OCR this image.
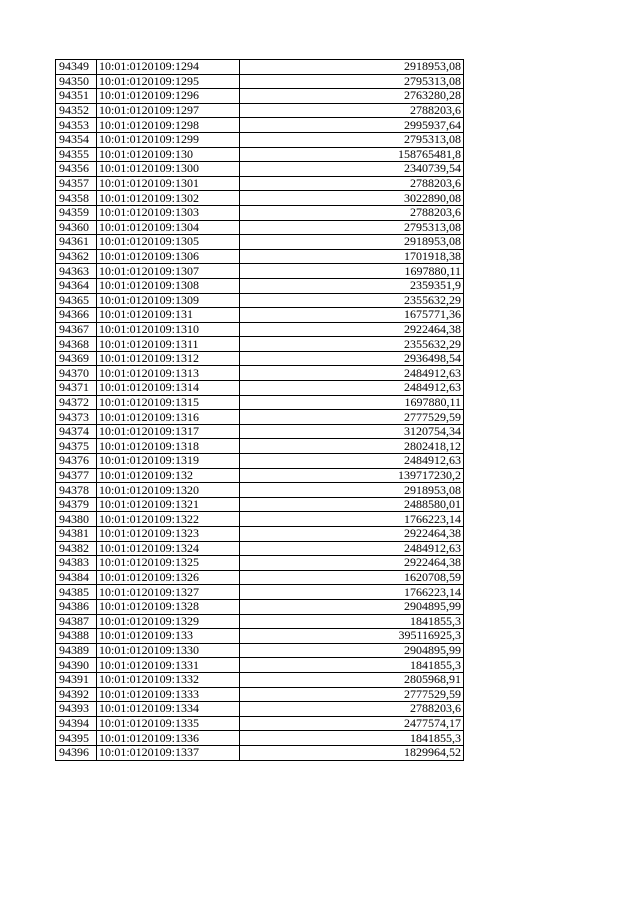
94349	10:01:0120109:1294	2918953,08
94350	10:01:0120109:1295	2795313,08
94351	10:01:0120109:1296	2763280,28
94352	10:01:0120109:1297	2788203,6
94353	10:01:0120109:1298	2995937,64
94354	10:01:0120109:1299	2795313,08
94355	10:01:0120109:130	158765481,8
94356	10:01:0120109:1300	2340739,54
94357	10:01:0120109:1301	2788203,6
94358	10:01:0120109:1302	3022890,08
94359	10:01:0120109:1303	2788203,6
94360	10:01:0120109:1304	2795313,08
94361	10:01:0120109:1305	2918953,08
94362	10:01:0120109:1306	1701918,38
94363	10:01:0120109:1307	1697880,11
94364	10:01:0120109:1308	2359351,9
94365	10:01:0120109:1309	2355632,29
94366	10:01:0120109:131	1675771,36
94367	10:01:0120109:1310	2922464,38
94368	10:01:0120109:1311	2355632,29
94369	10:01:0120109:1312	2936498,54
94370	10:01:0120109:1313	2484912,63
94371	10:01:0120109:1314	2484912,63
94372	10:01:0120109:1315	1697880,11
94373	10:01:0120109:1316	2777529,59
94374	10:01:0120109:1317	3120754,34
94375	10:01:0120109:1318	2802418,12
94376	10:01:0120109:1319	2484912,63
94377	10:01:0120109:132	139717230,2
94378	10:01:0120109:1320	2918953,08
94379	10:01:0120109:1321	2488580,01
94380	10:01:0120109:1322	1766223,14
94381	10:01:0120109:1323	2922464,38
94382	10:01:0120109:1324	2484912,63
94383	10:01:0120109:1325	2922464,38
94384	10:01:0120109:1326	1620708,59
94385	10:01:0120109:1327	1766223,14
94386	10:01:0120109:1328	2904895,99
94387	10:01:0120109:1329	1841855,3
94388	10:01:0120109:133	395116925,3
94389	10:01:0120109:1330	2904895,99
94390	10:01:0120109:1331	1841855,3
94391	10:01:0120109:1332	2805968,91
94392	10:01:0120109:1333	2777529,59
94393	10:01:0120109:1334	2788203,6
94394	10:01:0120109:1335	2477574,17
94395	10:01:0120109:1336	1841855,3
94396	10:01:0120109:1337	1829964,52
